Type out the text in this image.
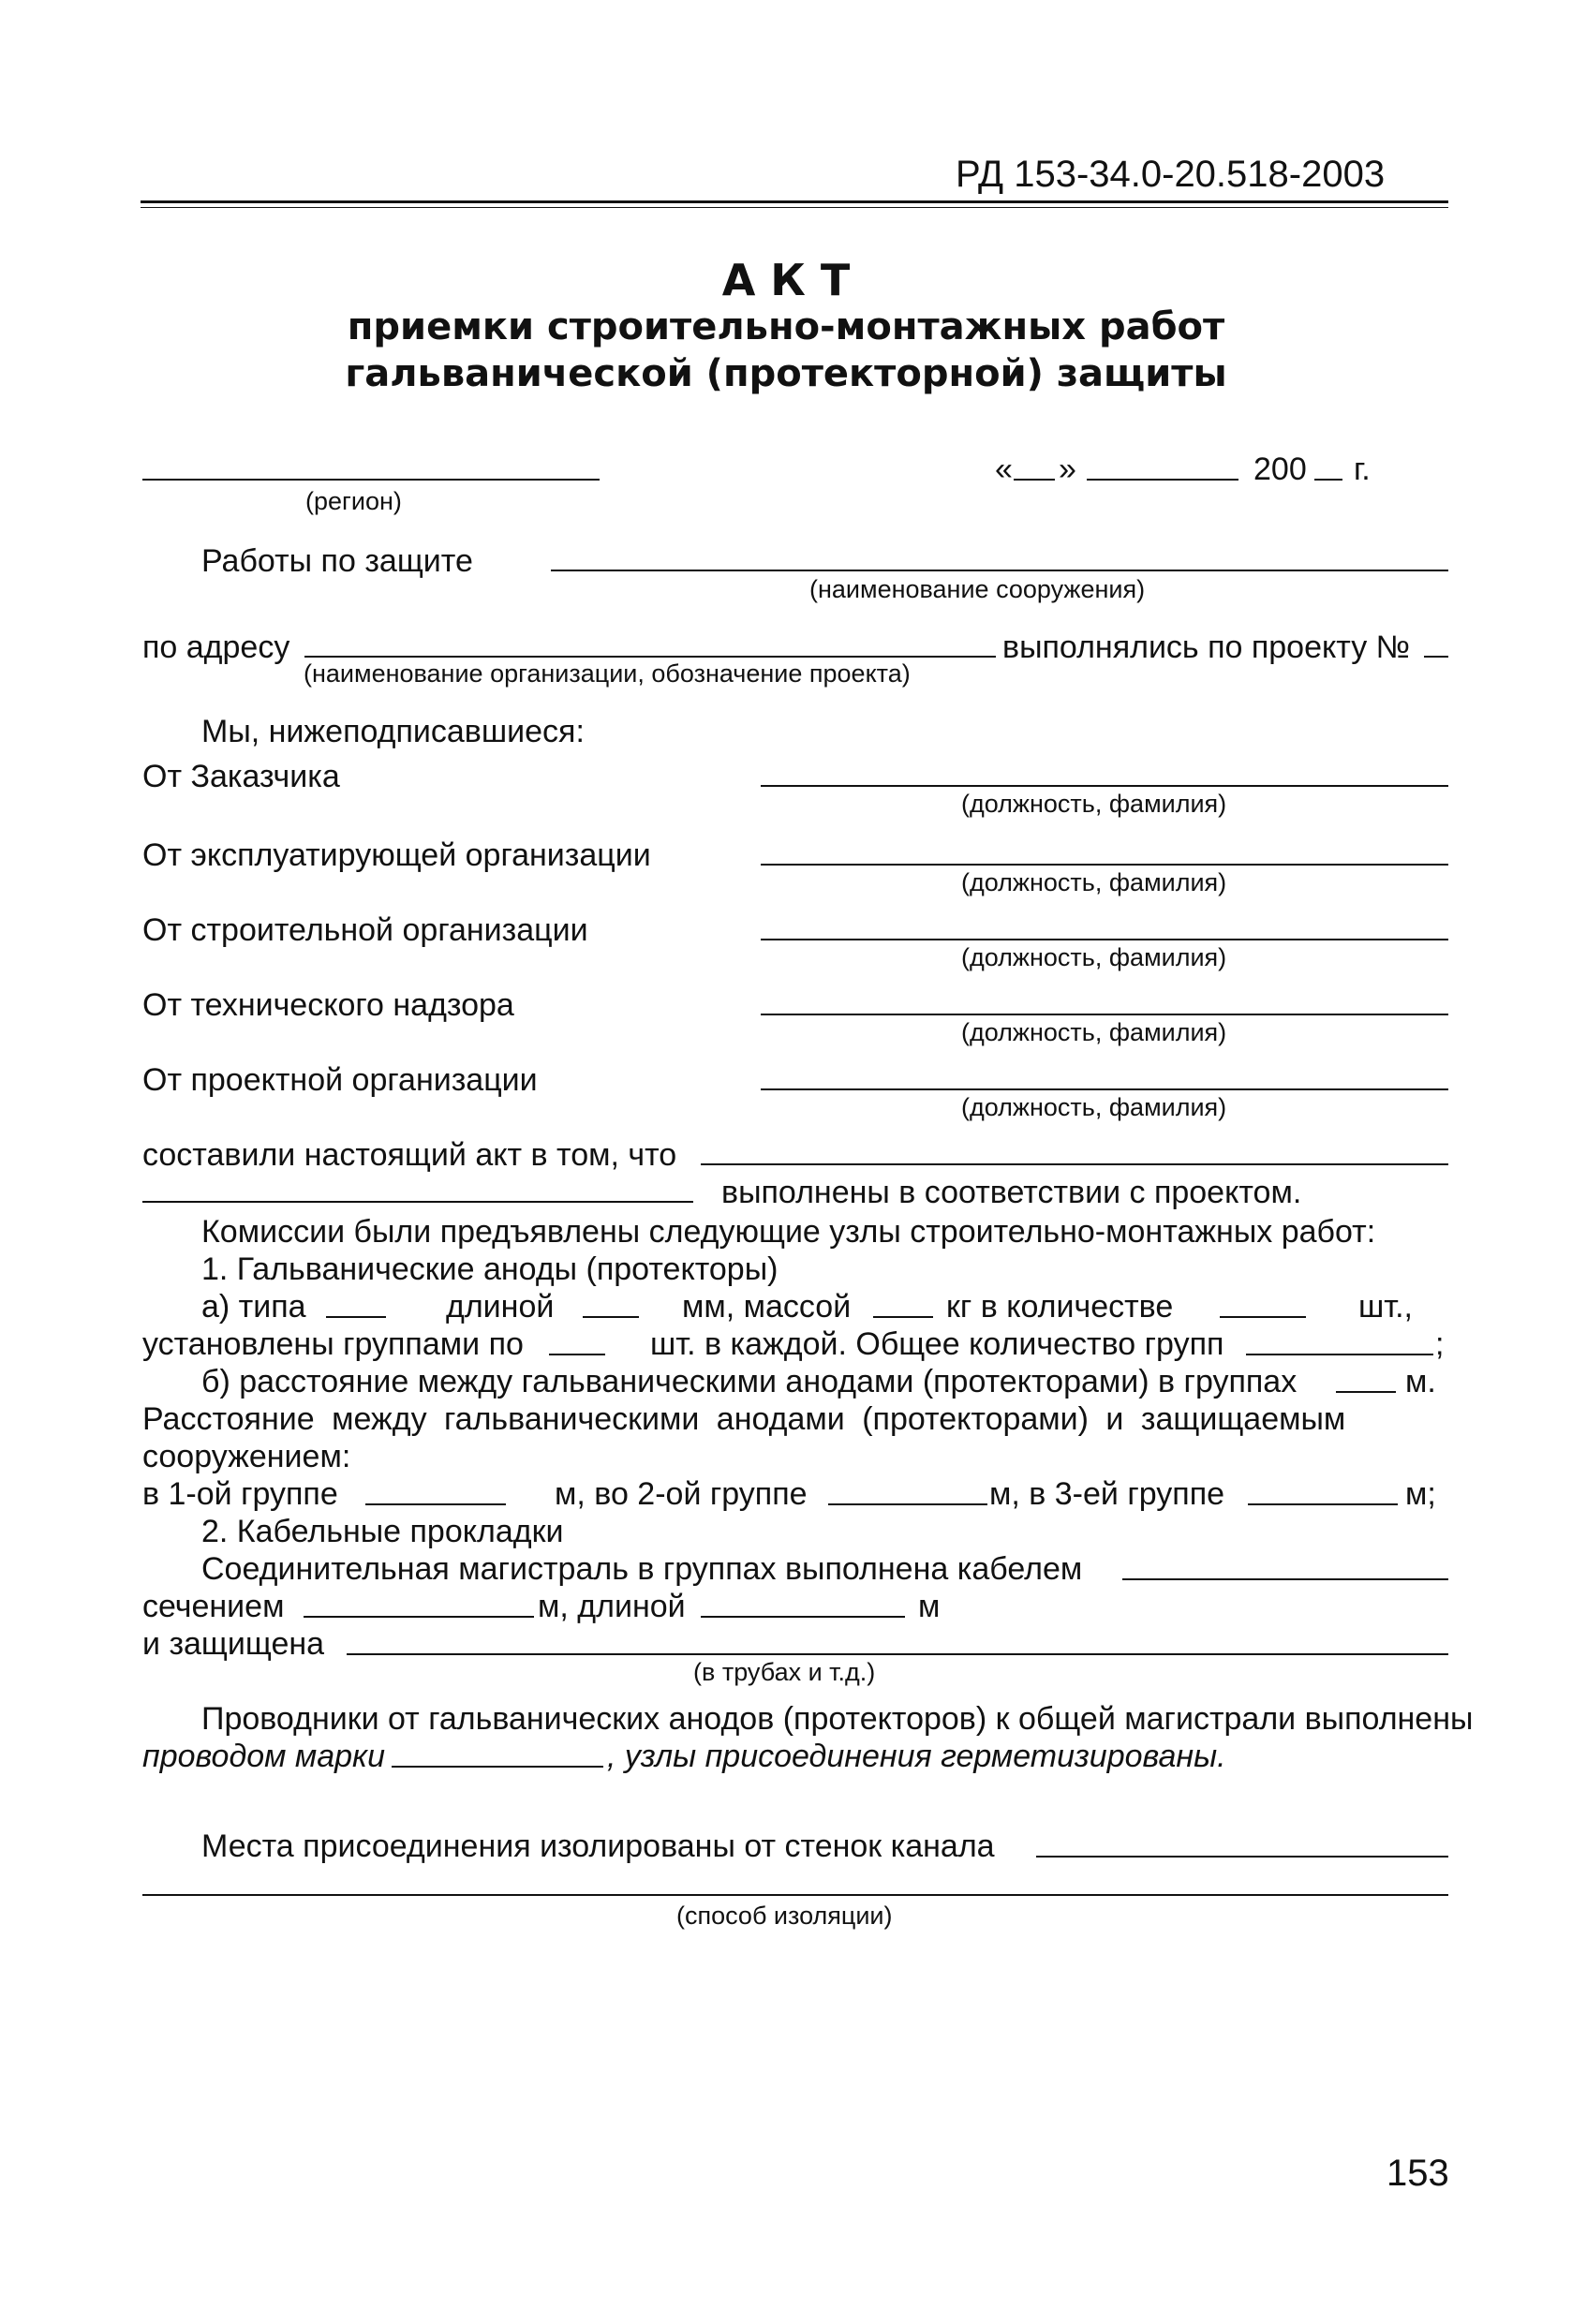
РД 153-34.0-20.518-2003
А К Т
приемки строительно-монтажных работ
гальванической (протекторной) защиты
(регион)
« »	200 г.
Работы по защите
(наименование сооружения)
по адресу	выполнялись по проекту №
(наименование организации, обозначение проекта)
Мы, нижеподписавшиеся:
От Заказчика
(должность, фамилия)
От эксплуатирующей организации
(должность, фамилия)
От строительной организации
(должность, фамилия)
От технического надзора
(должность, фамилия)
От проектной организации
(должность, фамилия)
составили настоящий акт в том, что
выполнены в соответствии с проектом.
Комиссии были предъявлены следующие узлы строительно-монтажных работ:
1. Гальванические аноды (протекторы)
а) типа	длиной	мм, массой	кг в количестве	шт.,
установлены группами по	шт. в каждой. Общее количество групп	;
б) расстояние между гальваническими анодами (протекторами) в группах	м.
Расстояние между гальваническими анодами (протекторами) и защищаемым
сооружением:
в 1-ой группе	м, во 2-ой группе	м, в 3-ей группе	м;
2. Кабельные прокладки
Соединительная магистраль в группах выполнена кабелем
сечением	м, длиной	м
и защищена
(в трубах и т.д.)
Проводники от гальванических анодов (протекторов) к общей магистрали выполнены
проводом марки	, узлы присоединения герметизированы.
Места присоединения изолированы от стенок канала
(способ изоляции)
153
